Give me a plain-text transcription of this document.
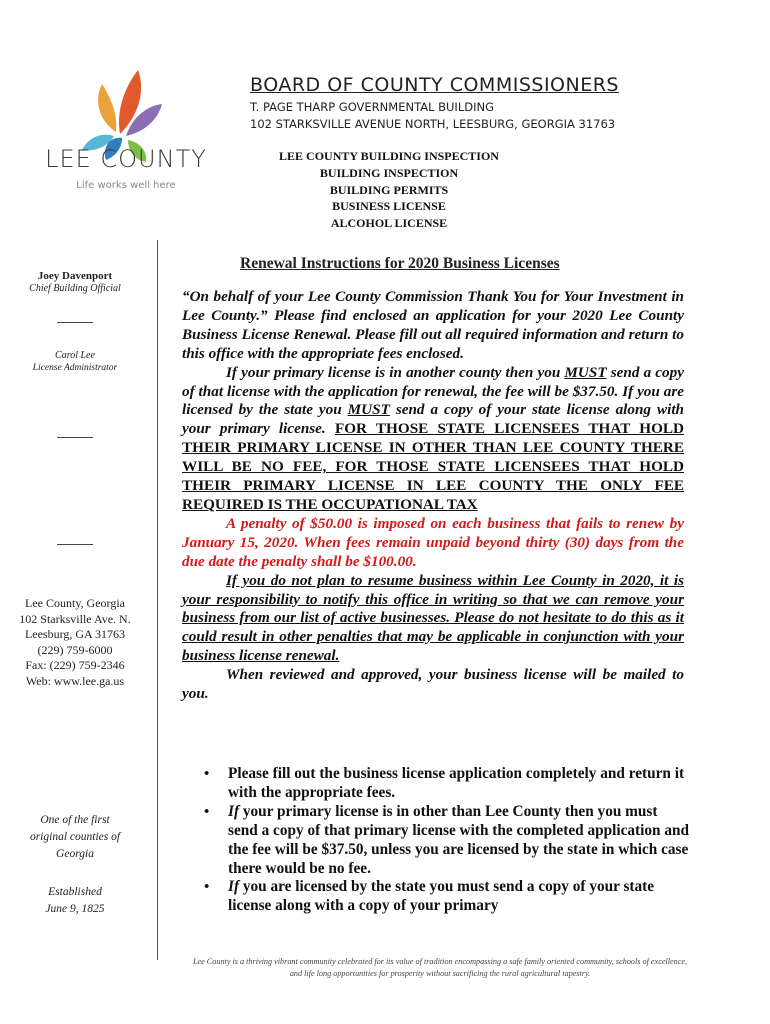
LEE COUNTY
Life works well here
BOARD OF COUNTY COMMISSIONERS
T. PAGE THARP GOVERNMENTAL BUILDING
102 STARKSVILLE AVENUE NORTH, LEESBURG, GEORGIA 31763
LEE COUNTY BUILDING INSPECTION
BUILDING INSPECTION
BUILDING PERMITS
BUSINESS LICENSE
ALCOHOL LICENSE
Joey Davenport
Chief Building Official
Carol Lee
License Administrator
Lee County, Georgia
102 Starksville Ave. N.
Leesburg, GA 31763
(229) 759-6000
Fax: (229) 759-2346
Web: www.lee.ga.us
One of the first
original counties of
Georgia
Established
June 9, 1825
Renewal Instructions for 2020 Business Licenses

“On behalf of your Lee County Commission Thank You for Your Investment in Lee County.” Please find enclosed an application for your 2020 Lee County Business License Renewal. Please fill out all required information and return to this office with the appropriate fees enclosed.

If your primary license is in another county then you MUST send a copy of that license with the application for renewal, the fee will be $37.50. If you are licensed by the state you MUST send a copy of your state license along with your primary license. FOR THOSE STATE LICENSEES THAT HOLD THEIR PRIMARY LICENSE IN OTHER THAN LEE COUNTY THERE WILL BE NO FEE, FOR THOSE STATE LICENSEES THAT HOLD THEIR PRIMARY LICENSE IN LEE COUNTY THE ONLY FEE REQUIRED IS THE OCCUPATIONAL TAX

A penalty of $50.00 is imposed on each business that fails to renew by January 15, 2020. When fees remain unpaid beyond thirty (30) days from the due date the penalty shall be $100.00.

If you do not plan to resume business within Lee County in 2020, it is your responsibility to notify this office in writing so that we can remove your business from our list of active businesses. Please do not hesitate to do this as it could result in other penalties that may be applicable in conjunction with your business license renewal.

When reviewed and approved, your business license will be mailed to you.

• Please fill out the business license application completely and return it with the appropriate fees.
• If your primary license is in other than Lee County then you must send a copy of that primary license with the completed application and the fee will be $37.50, unless you are licensed by the state in which case there would be no fee.
• If you are licensed by the state you must send a copy of your state license along with a copy of your primary
Lee County is a thriving vibrant community celebrated for its value of tradition encompassing a safe family oriented community, schools of excellence,
and life long opportunities for prosperity without sacrificing the rural agricultural tapestry.
